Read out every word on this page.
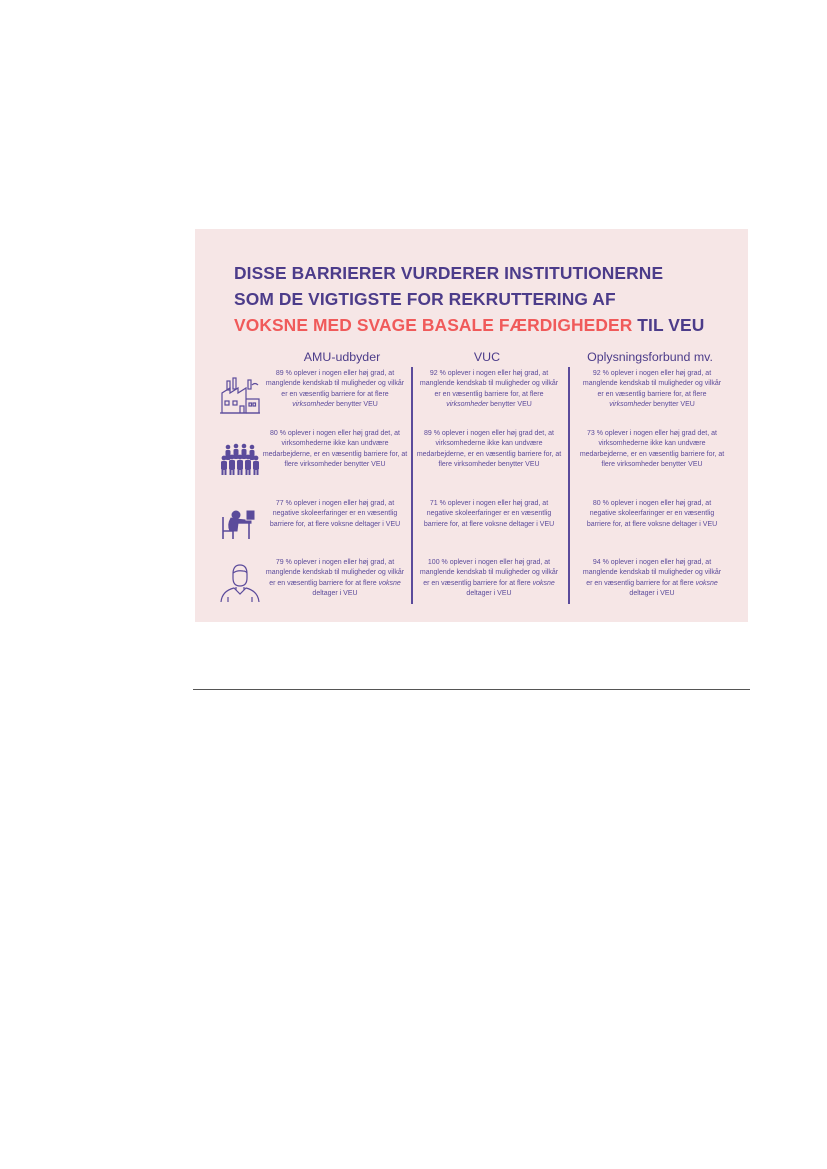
DISSE BARRIERER VURDERER INSTITUTIONERNE
SOM DE VIGTIGSTE FOR REKRUTTERING AF
VOKSNE MED SVAGE BASALE FÆRDIGHEDER TIL VEU
AMU-udbyder	VUC	Oplysningsforbund mv.
89 % oplever i nogen eller høj grad, at manglende kendskab til muligheder og vilkår er en væsentlig barriere for at flere virksomheder benytter VEU
92 % oplever i nogen eller høj grad, at manglende kendskab til muligheder og vilkår er en væsentlig barriere for, at flere virksomheder benytter VEU
92 % oplever i nogen eller høj grad, at manglende kendskab til muligheder og vilkår er en væsentlig barriere for, at flere virksomheder benytter VEU
80 % oplever i nogen eller høj grad det, at virksomhederne ikke kan undvære medarbejderne, er en væsentlig barriere for, at flere virksomheder benytter VEU
89 % oplever i nogen eller høj grad det, at virksomhederne ikke kan undvære medarbejderne, er en væsentlig barriere for, at flere virksomheder benytter VEU
73 % oplever i nogen eller høj grad det, at virksomhederne ikke kan undvære medarbejderne, er en væsentlig barriere for, at flere virksomheder benytter VEU
77 % oplever i nogen eller høj grad, at negative skoleerfaringer er en væsentlig barriere for, at flere voksne deltager i VEU
71 % oplever i nogen eller høj grad, at negative skoleerfaringer er en væsentlig barriere for, at flere voksne deltager i VEU
80 % oplever i nogen eller høj grad, at negative skoleerfaringer er en væsentlig barriere for, at flere voksne deltager i VEU
79 % oplever i nogen eller høj grad, at manglende kendskab til muligheder og vilkår er en væsentlig barriere for at flere voksne deltager i VEU
100 % oplever i nogen eller høj grad, at manglende kendskab til muligheder og vilkår er en væsentlig barriere for at flere voksne deltager i VEU
94 % oplever i nogen eller høj grad, at manglende kendskab til muligheder og vilkår er en væsentlig barriere for at flere voksne deltager i VEU
